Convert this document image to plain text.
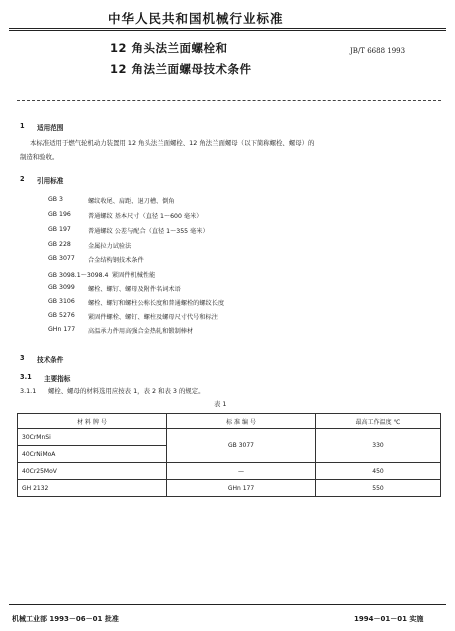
中华人民共和国机械行业标准
12 角头法兰面螺栓和
12 角法兰面螺母技术条件
JB/T 6688 1993
1 适用范围
本标准适用于燃气轮机动力装置用 12 角头法兰面螺栓、12 角法兰面螺母（以下简称螺栓、螺母）的
制造和验收。
2 引用标准
GB 3	螺纹收尾、肩距、退刀槽、倒角
GB 196	普通螺纹 基本尺寸（直径 1～600 毫米）
GB 197	普通螺纹 公差与配合（直径 1～355 毫米）
GB 228	金属拉力试验法
GB 3077 合金结构钢技术条件
GB 3098.1～3098.4 紧固件机械性能
GB 3099 螺栓、螺钉、螺母及附件名词术语
GB 3106 螺栓、螺钉和螺柱公称长度和普通螺栓的螺纹长度
GB 5276 紧固件螺栓、螺钉、螺柱及螺母尺寸代号和标注
GHn 177 高温承力件用高强合金热轧和锻制棒材
3 技术条件
3.1 主要指标
3.1.1 螺栓、螺母的材料选用应按表 1，表 2 和表 3 的规定。
表 1
材 料 牌 号	标 准 编 号	最高工作温度 ℃
30CrMnSi	GB 3077	330
40CrNiMoA		
40Cr25MoV	—	450
GH 2132	GHn 177	550
机械工业部 1993－06－01 批准	1994－01－01 实施
